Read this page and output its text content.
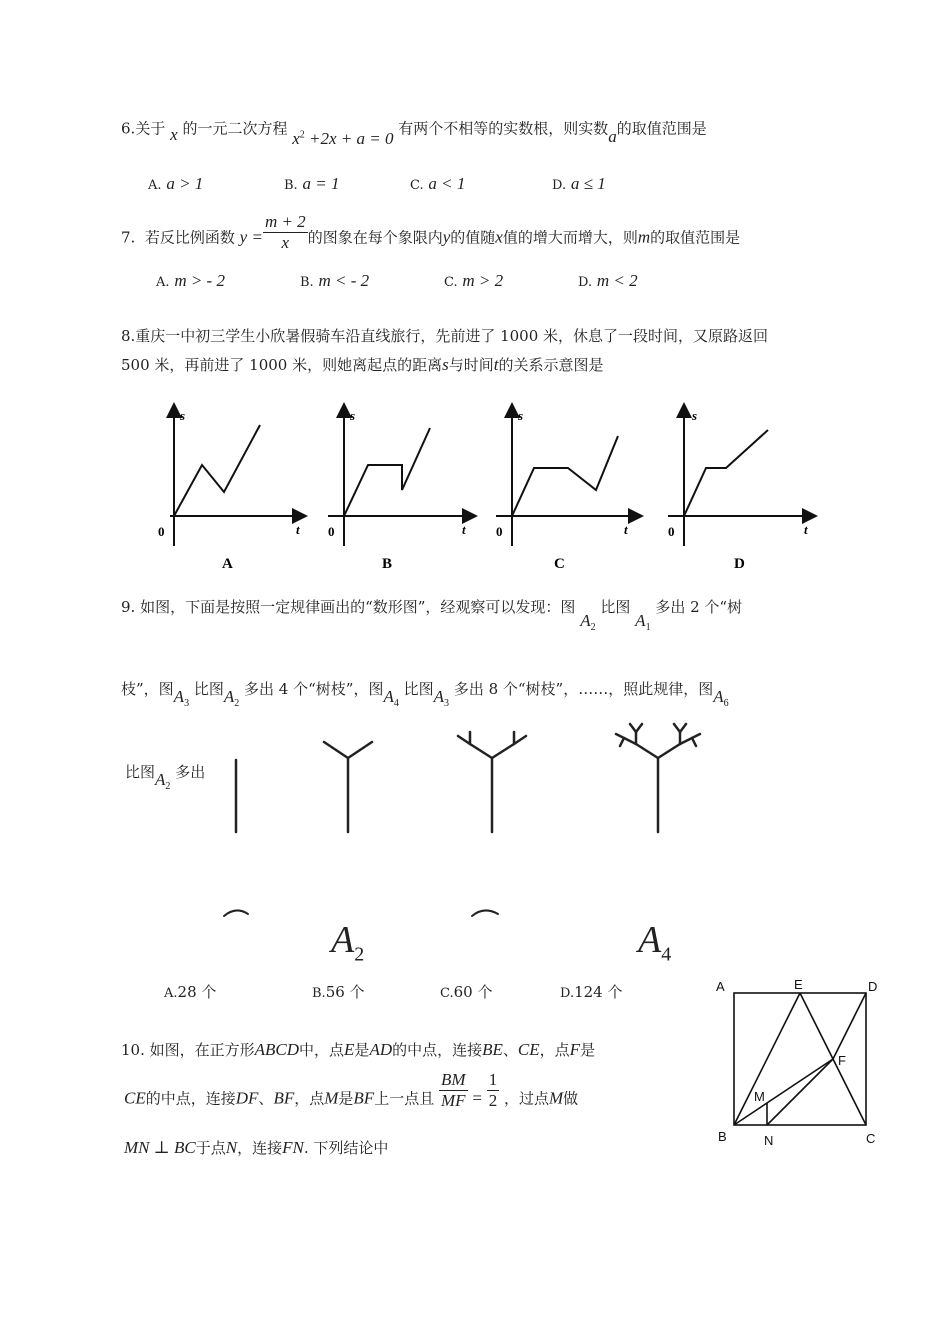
6.关于 x 的一元二次方程 $x^2 +2x + a = 0$ 有两个不相等的实数根，则实数a的取值范围是
A. a > 1	B. a = 1	C. a < 1	D. a ≤ 1
7. 若反比例函数 $y = \frac{m + 2}{x}$ 的图象在每个象限内y的值随x值的增大而增大，则m的取值范围是
A. m > - 2	B. m < - 2	C. m > 2	D. m < 2
8.重庆一中初三学生小欣暑假骑车沿直线旅行，先前进了 1000 米，休息了一段时间，又原路返回
500 米，再前进了 1000 米，则她离起点的距离s与时间t的关系示意图是
s
t
0
A
s
t
0
B
s
t
0
C
s
t
0
D
9. 如图，下面是按照一定规律画出的“数形图”，经观察可以发现：图 $A_2$ 比图 $A_1$ 多出 2 个“树
枝”，图$A_3$ 比图$A_2$ 多出 4 个“树枝”，图$A_4$ 比图$A_3$ 多出 8 个“树枝”，……，照此规律，图$A_6$
比图$A_2$ 多出
$A_2$	$A_4$
A.28 个	B.56 个	C.60 个	D.124 个
10. 如图，在正方形ABCD中，点E是AD的中点，连接BE、CE，点F是
CE的中点，连接DF、BF，点M是BF上一点且 $\frac{BM}{MF} = \frac{1}{2}$ ，过点M做
MN ⊥ BC于点N，连接FN. 下列结论中
A	E	D
F
M
B	N	C
